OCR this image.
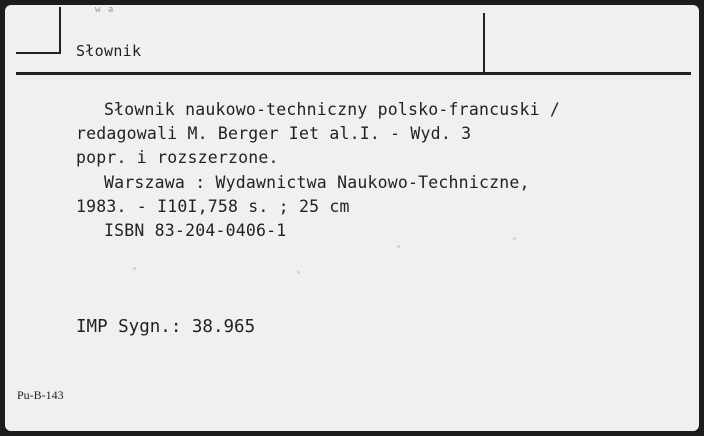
w a
Słownik
Słownik naukowo-techniczny polsko-francuski /
redagowali M. Berger Iet al.I. - Wyd. 3
popr. i rozszerzone.
Warszawa : Wydawnictwa Naukowo-Techniczne,
1983. - I10I,758 s. ; 25 cm
ISBN 83-204-0406-1
IMP Sygn.: 38.965
Pu-B-143
